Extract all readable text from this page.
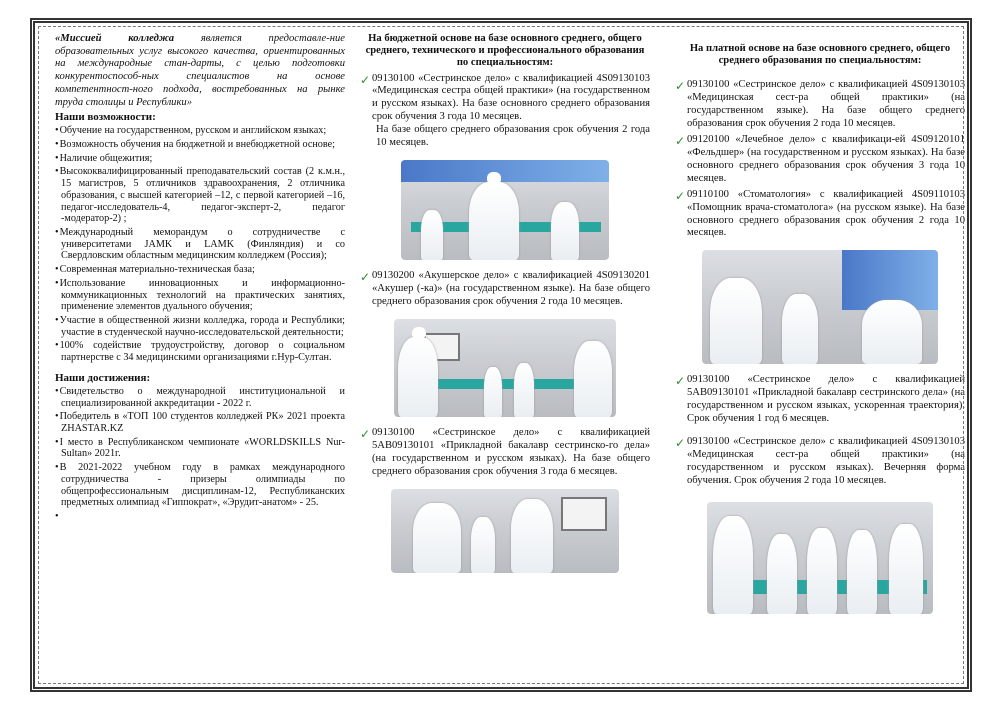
«Миссией колледжа является предоставле-ние образовательных услуг высокого качества, ориентированных на международные стан-дарты, с целью подготовки конкурентоспособ-ных специалистов на основе компетентност-ного подхода, востребованных на рынке труда столицы и Республики»

Наши возможности:
• Обучение на государственном, русском и английском языках;
• Возможность обучения на бюджетной и внебюджетной основе;
• Наличие общежития;
• Высококвалифицированный преподавательский состав (2 к.м.н., 15 магистров, 5 отличников здравоохранения, 2 отличника образования, с высшей категорией –12, с первой категорией –16, педагог-исследователь-4, педагог-эксперт-2, педагог -модератор-2) ;
• Международный меморандум о сотрудничестве с университетами JAMK и LAMK (Финляндия) и со Свердловским областным медицинским колледжем (Россия);
• Современная материально-техническая база;
• Использование инновационных и информационно-коммуникационных технологий на практических занятиях, применение элементов дуального обучения;
• Участие в общественной жизни колледжа, города и Республики; участие в студенческой научно-исследовательской деятельности;
• 100% содействие трудоустройству, договор о социальном партнерстве с 34 медицинскими организациями г.Нур-Султан.
Наши достижения:
• Свидетельство о международной институциональной и специализированной аккредитации - 2022 г.
• Победитель в «ТОП 100 студентов колледжей РК» 2021 проекта ZHASTAR.KZ
• I место в Республиканском чемпионате «WORLDSKILLS Nur-Sultan» 2021г.
• В 2021-2022 учебном году в рамках международного сотрудничества - призеры олимпиады по общепрофессиональным дисциплинам-12, Республиканских предметных олимпиад «Гиппократ», «Эрудит-анатом» - 25.
•
На бюджетной основе на базе основного среднего, общего среднего, технического и профессионального образования по специальностям:
✓ 09130100 «Сестринское дело» с квалификацией 4S09130103 «Медицинская сестра общей практики» (на государственном и русском языках). На базе основного среднего образования срок обучения 3 года 10 месяцев.
На базе общего среднего образования срок обучения 2 года 10 месяцев.
✓ 09130200 «Акушерское дело» с квалификацией 4S09130201 «Акушер (-ка)» (на государственном языке). На базе общего среднего образования срок обучения 2 года 10 месяцев.
✓ 09130100 «Сестринское дело» с квалификацией 5AB09130101 «Прикладной бакалавр сестринско-го дела» (на государственном и русском языках). На базе общего среднего образования срок обучения 3 года 6 месяцев.
На платной основе на базе основного среднего, общего среднего образования по специальностям:
✓ 09130100 «Сестринское дело» с квалификацией 4S09130103 «Медицинская сест-ра общей практики» (на государственном языке). На базе общего среднего образования срок обучения 2 года 10 месяцев.
✓ 09120100 «Лечебное дело» с квалификаци-ей 4S09120101 «Фельдшер» (на государственном и русском языках). На базе основного среднего образования срок обучения 3 года 10 месяцев.
✓ 09110100 «Стоматология» с квалификацией 4S09110103 «Помощник врача-стоматолога» (на русском языке). На базе основного среднего образования срок обучения 2 года 10 месяцев.
✓ 09130100 «Сестринское дело» с квалификацией 5AB09130101 «Прикладной бакалавр сестринского дела» (на государственном и русском языках, ускоренная траектория). Срок обучения 1 год 6 месяцев.
✓ 09130100 «Сестринское дело» с квалификацией 4S09130103 «Медицинская сест-ра общей практики» (на государственном и русском языках). Вечерняя форма обучения. Срок обучения 2 года 10 месяцев.
